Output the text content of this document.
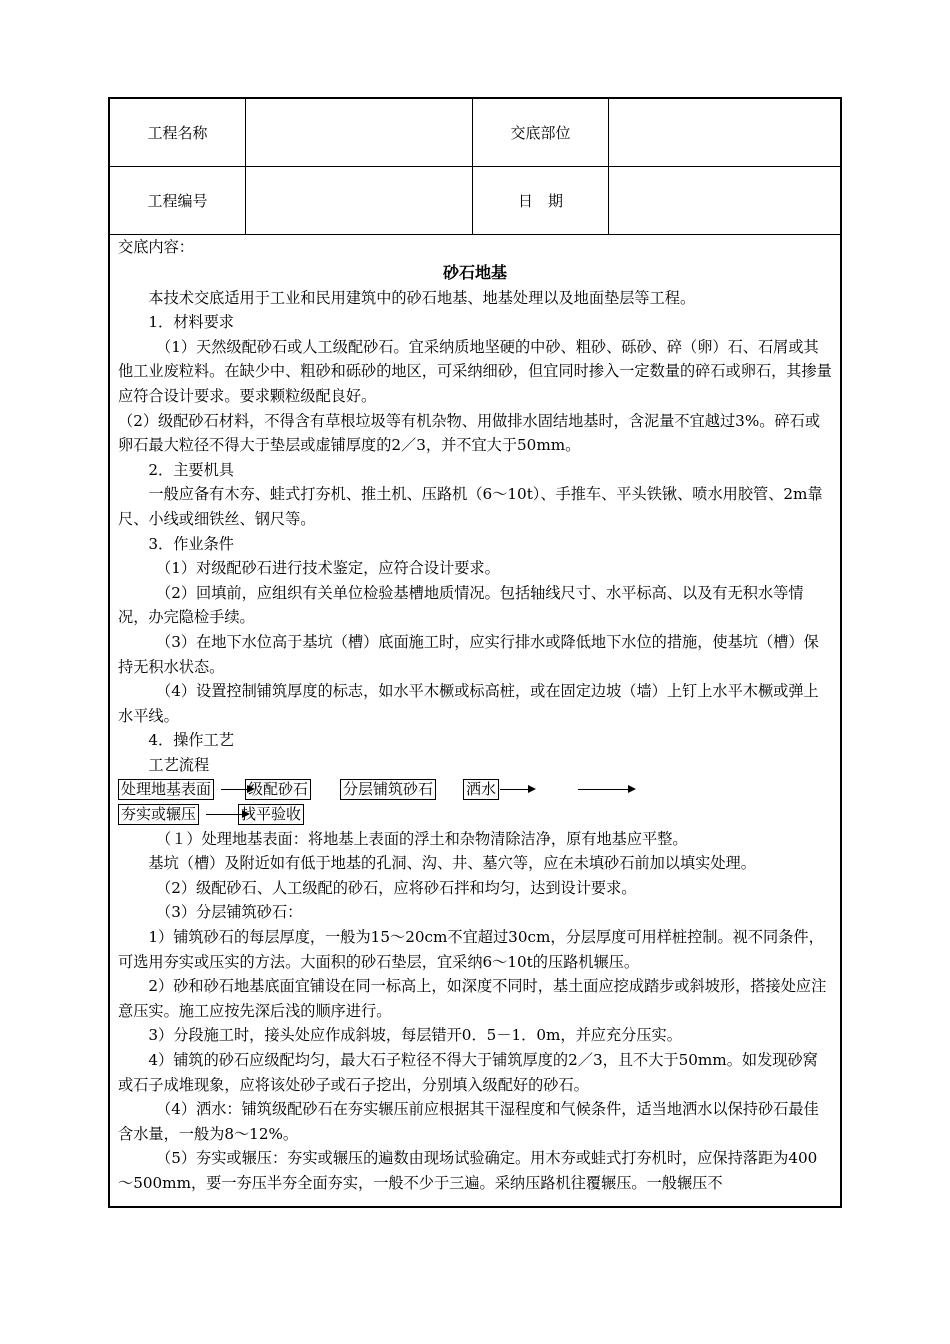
工程名称	交底部位
工程编号	日　期

交底内容：

砂石地基

本技术交底适用于工业和民用建筑中的砂石地基、地基处理以及地面垫层等工程。

1．材料要求

（1）天然级配砂石或人工级配砂石。宜采纳质地坚硬的中砂、粗砂、砾砂、碎（卵）石、石屑或其他工业废粒料。在缺少中、粗砂和砾砂的地区，可采纳细砂，但宜同时掺入一定数量的碎石或卵石，其掺量应符合设计要求。要求颗粒级配良好。

（2）级配砂石材料，不得含有草根垃圾等有机杂物、用做排水固结地基时，含泥量不宜越过3%。碎石或卵石最大粒径不得大于垫层或虚铺厚度的2／3，并不宜大于50mm。

2．主要机具

一般应备有木夯、蛙式打夯机、推土机、压路机（6～10t）、手推车、平头铁锹、喷水用胶管、2m靠尺、小线或细铁丝、钢尺等。

3．作业条件

（1）对级配砂石进行技术鉴定，应符合设计要求。

（2）回填前，应组织有关单位检验基槽地质情况。包括轴线尺寸、水平标高、以及有无积水等情况，办完隐检手续。

（3）在地下水位高于基坑（槽）底面施工时，应实行排水或降低地下水位的措施，使基坑（槽）保持无积水状态。

（4）设置控制铺筑厚度的标志，如水平木橛或标高桩，或在固定边坡（墙）上钉上水平木橛或弹上水平线。

4．操作工艺

工艺流程

处理地基表面 级配砂石 分层铺筑砂石 洒水
夯实或辗压	找平验收

（１）处理地基表面：将地基上表面的浮土和杂物清除洁净，原有地基应平整。

基坑（槽）及附近如有低于地基的孔洞、沟、井、墓穴等，应在未填砂石前加以填实处理。

（2）级配砂石、人工级配的砂石，应将砂石拌和均匀，达到设计要求。

（3）分层铺筑砂石：

1）铺筑砂石的每层厚度，一般为15～20cm不宜超过30cm，分层厚度可用样桩控制。视不同条件，可选用夯实或压实的方法。大面积的砂石垫层，宜采纳6～10t的压路机辗压。

2）砂和砂石地基底面宜铺设在同一标高上，如深度不同时，基土面应挖成踏步或斜坡形，搭接处应注意压实。施工应按先深后浅的顺序进行。

3）分段施工时，接头处应作成斜坡，每层错开0．5－1．0m，并应充分压实。

4）铺筑的砂石应级配均匀，最大石子粒径不得大于铺筑厚度的2／3，且不大于50mm。如发现砂窝或石子成堆现象，应将该处砂子或石子挖出，分别填入级配好的砂石。

（4）洒水：铺筑级配砂石在夯实辗压前应根据其干湿程度和气候条件，适当地洒水以保持砂石最佳含水量，一般为8～12%。

（5）夯实或辗压：夯实或辗压的遍数由现场试验确定。用木夯或蛙式打夯机时，应保持落距为400～500mm，要一夯压半夯全面夯实，一般不少于三遍。采纳压路机往覆辗压。一般辗压不
